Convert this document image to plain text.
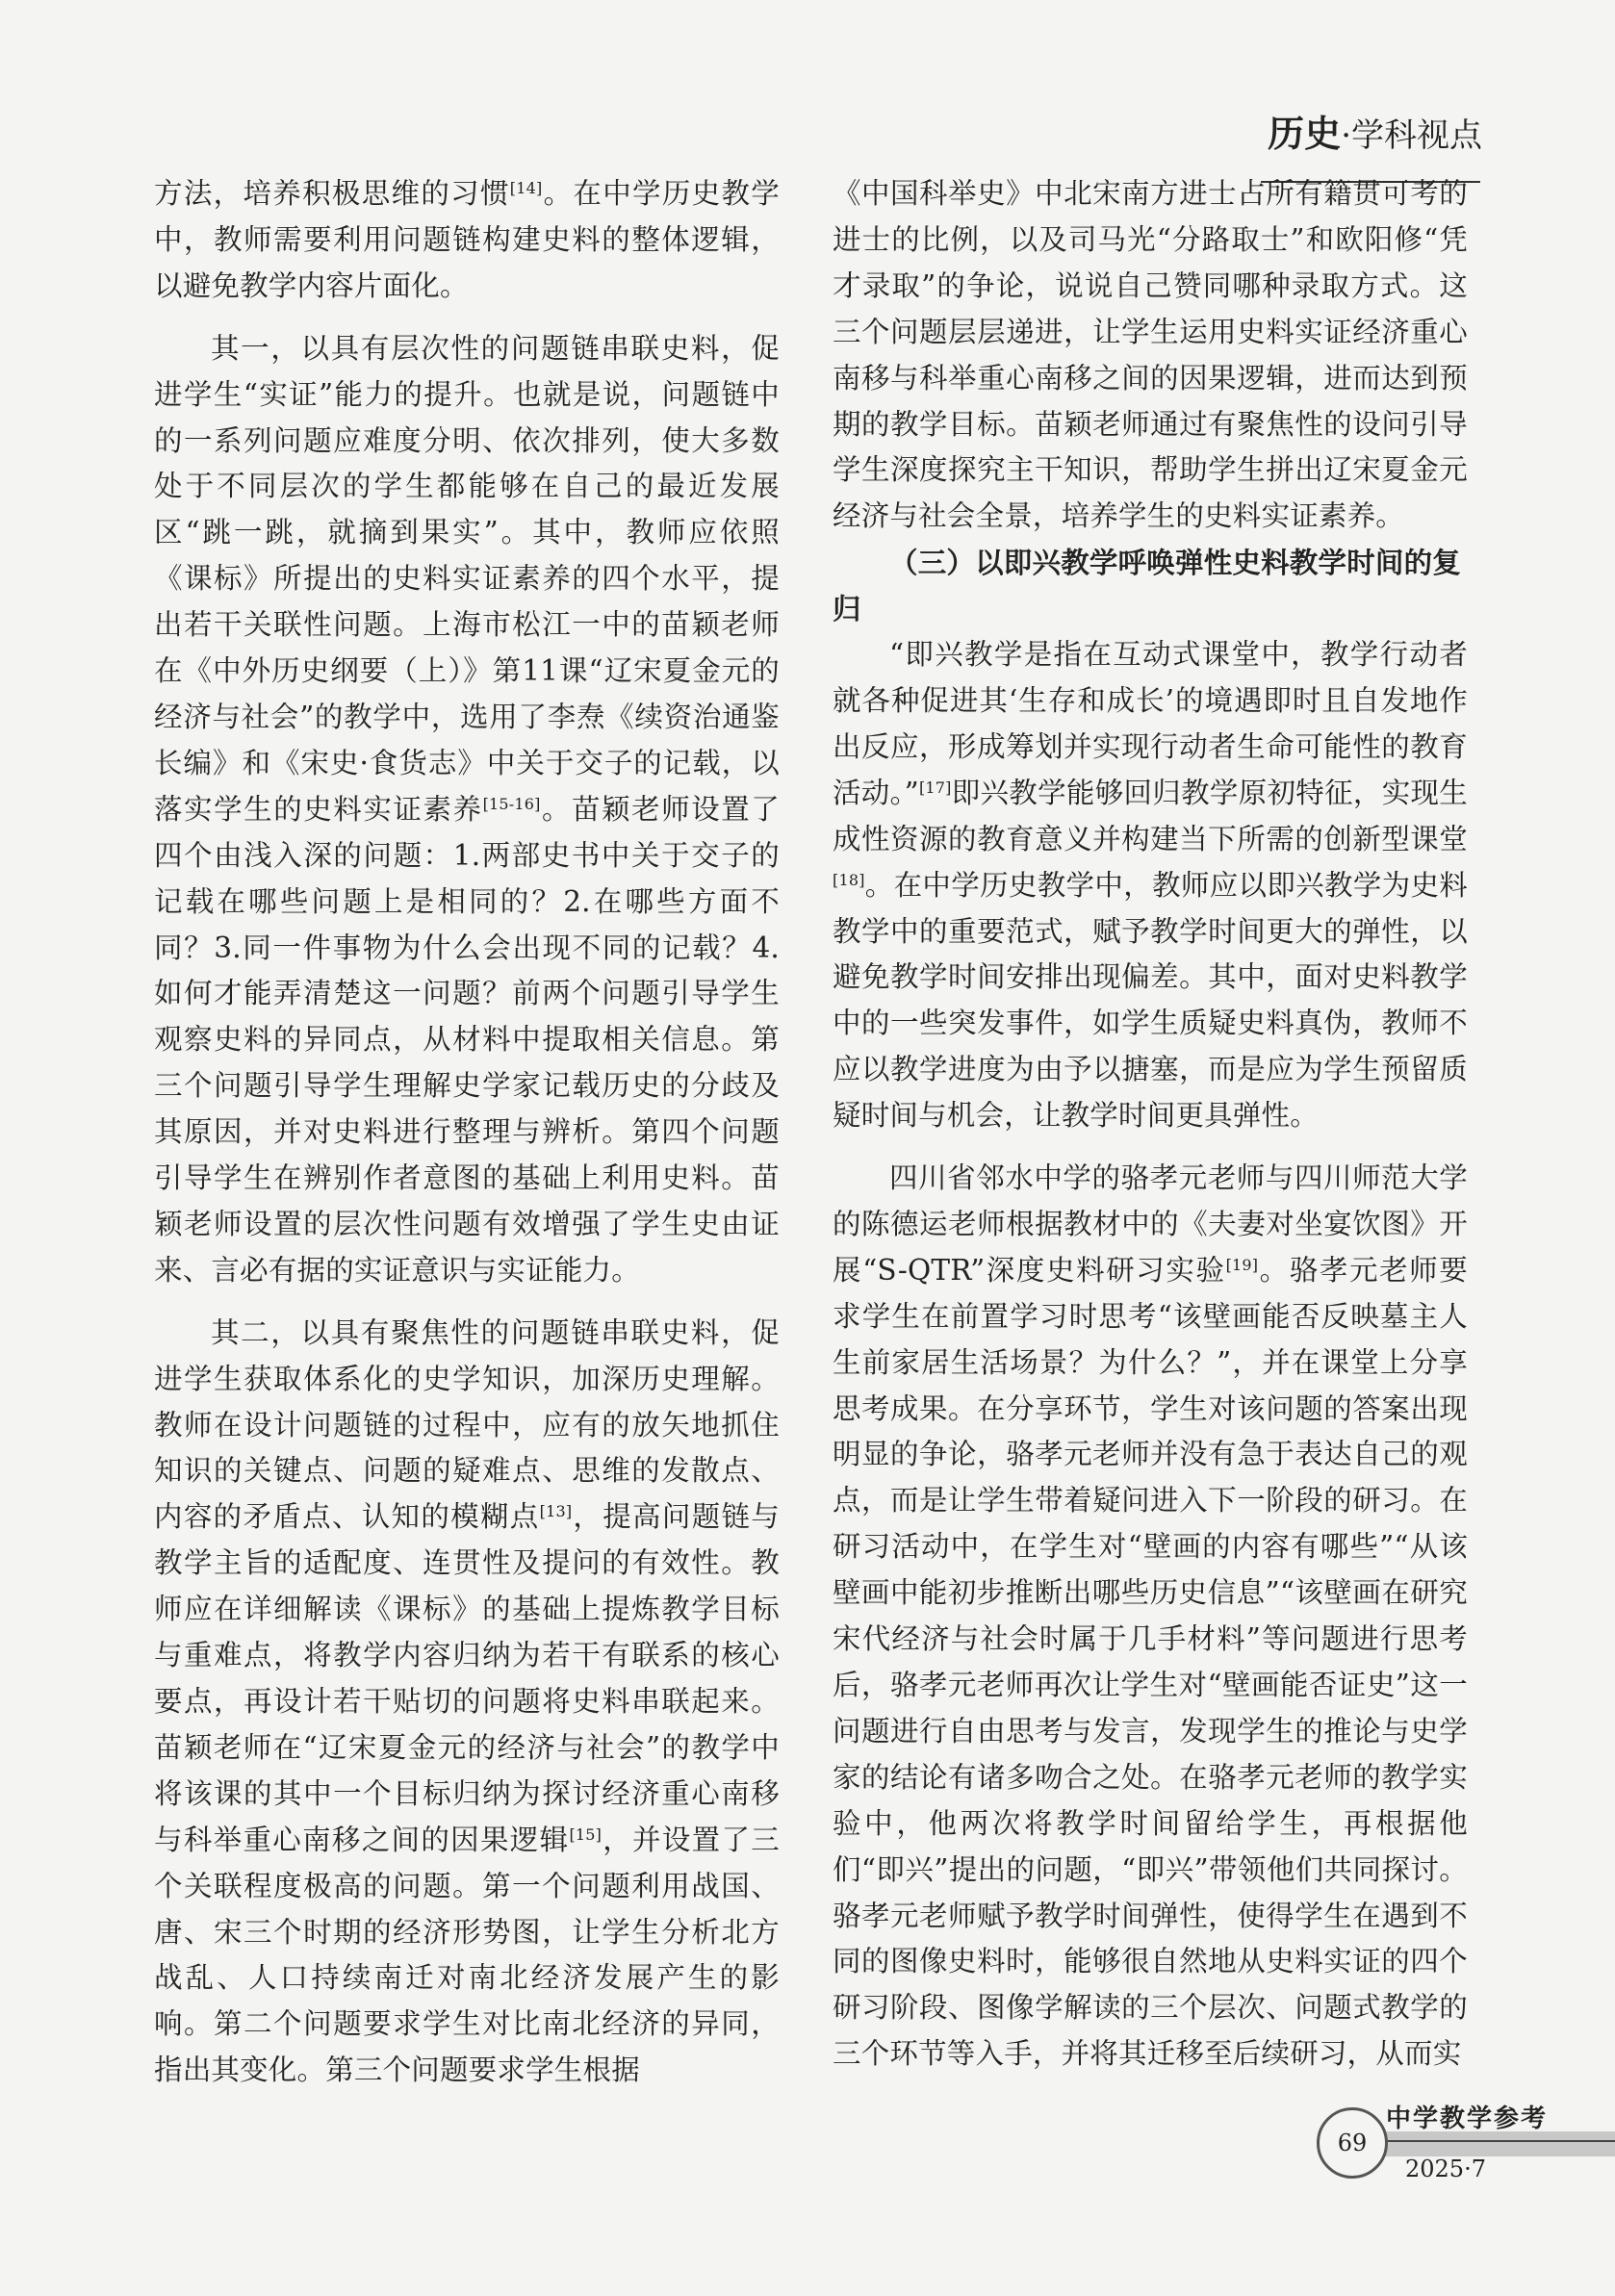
历史·学科视点

方法，培养积极思维的习惯[14]。在中学历史教学中，教师需要利用问题链构建史料的整体逻辑，以避免教学内容片面化。

其一，以具有层次性的问题链串联史料，促进学生“实证”能力的提升。也就是说，问题链中的一系列问题应难度分明、依次排列，使大多数处于不同层次的学生都能够在自己的最近发展区“跳一跳，就摘到果实”。其中，教师应依照《课标》所提出的史料实证素养的四个水平，提出若干关联性问题。上海市松江一中的苗颖老师在《中外历史纲要（上）》第11课“辽宋夏金元的经济与社会”的教学中，选用了李焘《续资治通鉴长编》和《宋史·食货志》中关于交子的记载，以落实学生的史料实证素养[15-16]。苗颖老师设置了四个由浅入深的问题：1.两部史书中关于交子的记载在哪些问题上是相同的？2.在哪些方面不同？3.同一件事物为什么会出现不同的记载？4.如何才能弄清楚这一问题？前两个问题引导学生观察史料的异同点，从材料中提取相关信息。第三个问题引导学生理解史学家记载历史的分歧及其原因，并对史料进行整理与辨析。第四个问题引导学生在辨别作者意图的基础上利用史料。苗颖老师设置的层次性问题有效增强了学生史由证来、言必有据的实证意识与实证能力。

其二，以具有聚焦性的问题链串联史料，促进学生获取体系化的史学知识，加深历史理解。教师在设计问题链的过程中，应有的放矢地抓住知识的关键点、问题的疑难点、思维的发散点、内容的矛盾点、认知的模糊点[13]，提高问题链与教学主旨的适配度、连贯性及提问的有效性。教师应在详细解读《课标》的基础上提炼教学目标与重难点，将教学内容归纳为若干有联系的核心要点，再设计若干贴切的问题将史料串联起来。苗颖老师在“辽宋夏金元的经济与社会”的教学中将该课的其中一个目标归纳为探讨经济重心南移与科举重心南移之间的因果逻辑[15]，并设置了三个关联程度极高的问题。第一个问题利用战国、唐、宋三个时期的经济形势图，让学生分析北方战乱、人口持续南迁对南北经济发展产生的影响。第二个问题要求学生对比南北经济的异同，指出其变化。第三个问题要求学生根据

《中国科举史》中北宋南方进士占所有籍贯可考的进士的比例，以及司马光“分路取士”和欧阳修“凭才录取”的争论，说说自己赞同哪种录取方式。这三个问题层层递进，让学生运用史料实证经济重心南移与科举重心南移之间的因果逻辑，进而达到预期的教学目标。苗颖老师通过有聚焦性的设问引导学生深度探究主干知识，帮助学生拼出辽宋夏金元经济与社会全景，培养学生的史料实证素养。

（三）以即兴教学呼唤弹性史料教学时间的复归

“即兴教学是指在互动式课堂中，教学行动者就各种促进其‘生存和成长’的境遇即时且自发地作出反应，形成筹划并实现行动者生命可能性的教育活动。”[17]即兴教学能够回归教学原初特征，实现生成性资源的教育意义并构建当下所需的创新型课堂[18]。在中学历史教学中，教师应以即兴教学为史料教学中的重要范式，赋予教学时间更大的弹性，以避免教学时间安排出现偏差。其中，面对史料教学中的一些突发事件，如学生质疑史料真伪，教师不应以教学进度为由予以搪塞，而是应为学生预留质疑时间与机会，让教学时间更具弹性。

四川省邻水中学的骆孝元老师与四川师范大学的陈德运老师根据教材中的《夫妻对坐宴饮图》开展“S-QTR”深度史料研习实验[19]。骆孝元老师要求学生在前置学习时思考“该壁画能否反映墓主人生前家居生活场景？为什么？”，并在课堂上分享思考成果。在分享环节，学生对该问题的答案出现明显的争论，骆孝元老师并没有急于表达自己的观点，而是让学生带着疑问进入下一阶段的研习。在研习活动中，在学生对“壁画的内容有哪些”“从该壁画中能初步推断出哪些历史信息”“该壁画在研究宋代经济与社会时属于几手材料”等问题进行思考后，骆孝元老师再次让学生对“壁画能否证史”这一问题进行自由思考与发言，发现学生的推论与史学家的结论有诸多吻合之处。在骆孝元老师的教学实验中，他两次将教学时间留给学生，再根据他们“即兴”提出的问题，“即兴”带领他们共同探讨。骆孝元老师赋予教学时间弹性，使得学生在遇到不同的图像史料时，能够很自然地从史料实证的四个研习阶段、图像学解读的三个层次、问题式教学的三个环节等入手，并将其迁移至后续研习，从而实

69
中学教学参考
2025·7
